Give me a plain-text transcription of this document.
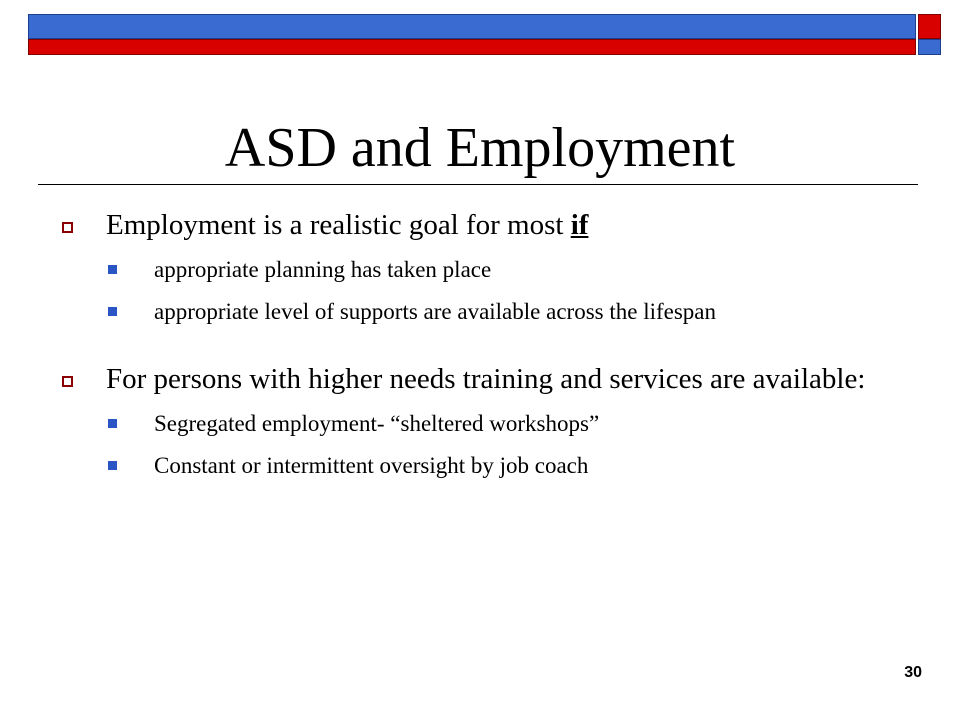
ASD and Employment
Employment is a realistic goal for most if
appropriate planning has taken place
appropriate level of supports are available across the lifespan
For persons with higher needs training and services are available:
Segregated employment- “sheltered workshops”
Constant or intermittent oversight by job coach
30
